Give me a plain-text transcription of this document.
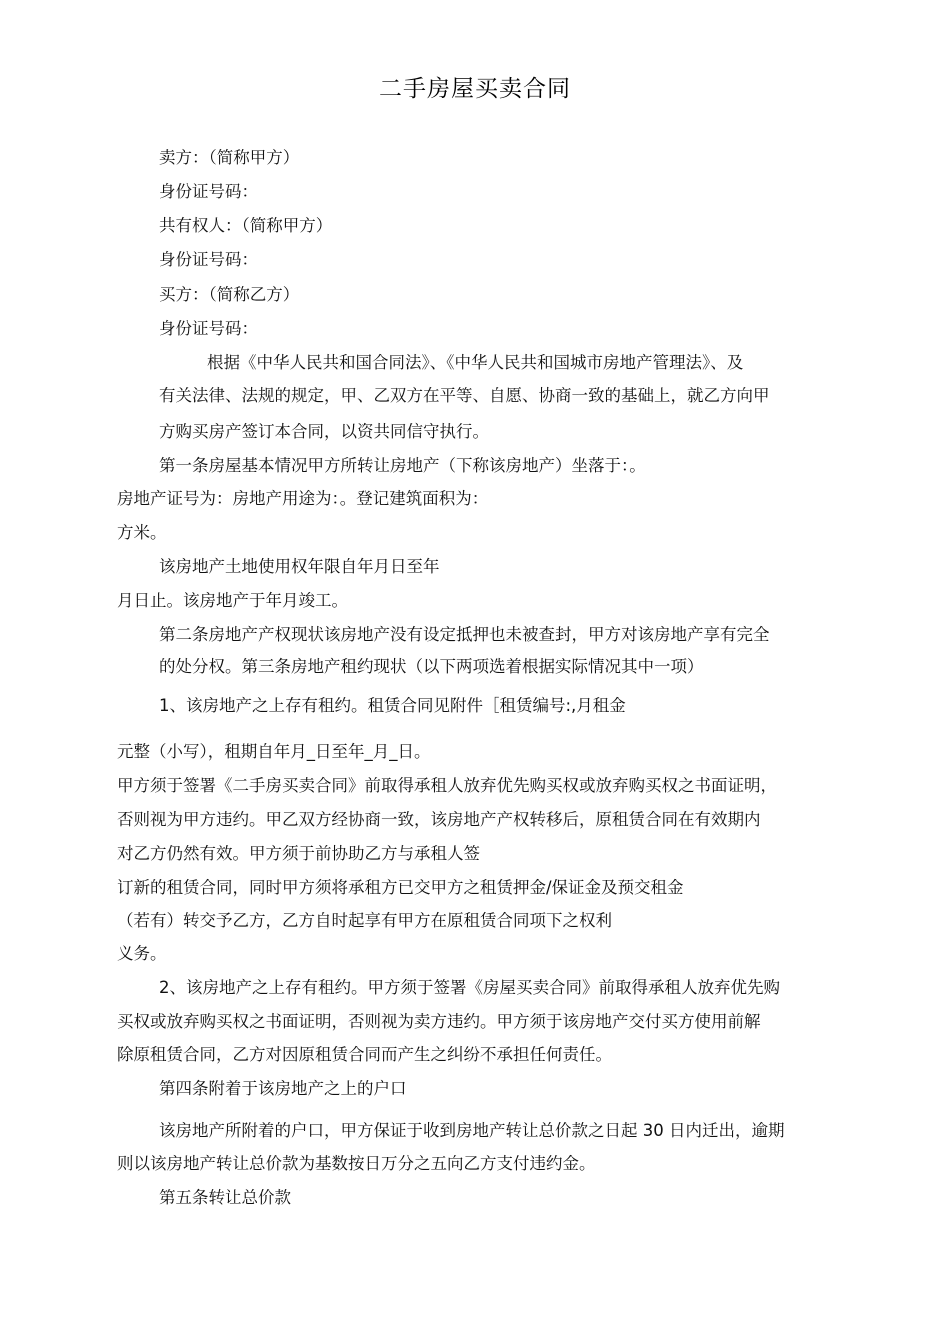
二手房屋买卖合同
卖方：（简称甲方）
身份证号码：
共有权人：（简称甲方）
身份证号码：
买方：（简称乙方）
身份证号码：
根据《中华人民共和国合同法》、《中华人民共和国城市房地产管理法》、及
有关法律、法规的规定，甲、乙双方在平等、自愿、协商一致的基础上，就乙方向甲
方购买房产签订本合同，以资共同信守执行。
第一条房屋基本情况甲方所转让房地产（下称该房地产）坐落于：。
房地产证号为：房地产用途为：。登记建筑面积为：
方米。
该房地产土地使用权年限自年月日至年
月日止。该房地产于年月竣工。
第二条房地产产权现状该房地产没有设定抵押也未被查封，甲方对该房地产享有完全
的处分权。第三条房地产租约现状（以下两项选着根据实际情况其中一项）
1、该房地产之上存有租约。租赁合同见附件［租赁编号:,月租金
元整（小写），租期自年月_日至年_月_日。
甲方须于签署《二手房买卖合同》前取得承租人放弃优先购买权或放弃购买权之书面证明，
否则视为甲方违约。甲乙双方经协商一致，该房地产产权转移后，原租赁合同在有效期内
对乙方仍然有效。甲方须于前协助乙方与承租人签
订新的租赁合同，同时甲方须将承租方已交甲方之租赁押金/保证金及预交租金
（若有）转交予乙方，乙方自时起享有甲方在原租赁合同项下之权利
义务。
2、该房地产之上存有租约。甲方须于签署《房屋买卖合同》前取得承租人放弃优先购
买权或放弃购买权之书面证明，否则视为卖方违约。甲方须于该房地产交付买方使用前解
除原租赁合同，乙方对因原租赁合同而产生之纠纷不承担任何责任。
第四条附着于该房地产之上的户口
该房地产所附着的户口，甲方保证于收到房地产转让总价款之日起 30 日内迁出，逾期
则以该房地产转让总价款为基数按日万分之五向乙方支付违约金。
第五条转让总价款
